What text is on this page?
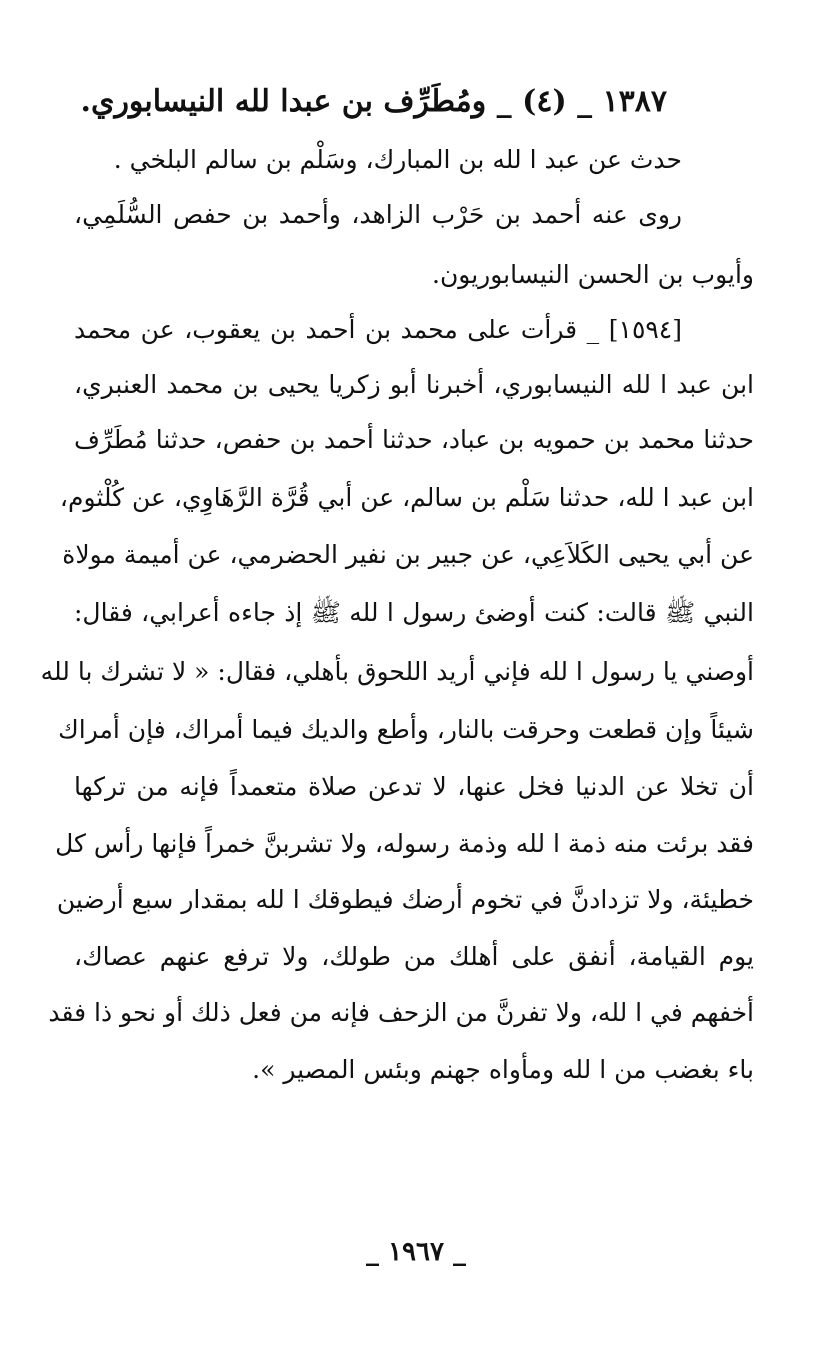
١٣٨٧ _ (٤) _ ومُطَرِّف بن عبدا لله النيسابوري.
حدث عن عبد ا لله بن المبارك، وسَلْم بن سالم البلخي .
روى عنه أحمد بن حَرْب الزاهد، وأحمد بن حفص السُّلَمِي،
وأيوب بن الحسن النيسابوريون.
[١٥٩٤] _ قرأت على محمد بن أحمد بن يعقوب، عن محمد
ابن عبد ا لله النيسابوري، أخبرنا أبو زكريا يحيى بن محمد العنبري،
حدثنا محمد بن حمويه بن عباد، حدثنا أحمد بن حفص، حدثنا مُطَرِّف
ابن عبد ا لله، حدثنا سَلْم بن سالم، عن أبي قُرَّة الرَّهَاوِي، عن كُلْثوم،
عن أبي يحيى الكَلاَعِي، عن جبير بن نفير الحضرمي، عن أميمة مولاة
النبي ﷺ قالت: كنت أوضئ رسول ا لله ﷺ إذ جاءه أعرابي، فقال:
أوصني يا رسول ا لله فإني أريد اللحوق بأهلي، فقال: « لا تشرك با لله
شيئاً وإن قطعت وحرقت بالنار، وأطع والديك فيما أمراك، فإن أمراك
أن تخلا عن الدنيا فخل عنها، لا تدعن صلاة متعمداً فإنه من تركها
فقد برئت منه ذمة ا لله وذمة رسوله، ولا تشربنَّ خمراً فإنها رأس كل
خطيئة، ولا تزدادنَّ في تخوم أرضك فيطوقك ا لله بمقدار سبع أرضين
يوم القيامة، أنفق على أهلك من طولك، ولا ترفع عنهم عصاك،
أخفهم في ا لله، ولا تفرنَّ من الزحف فإنه من فعل ذلك أو نحو ذا فقد
باء بغضب من ا لله ومأواه جهنم وبئس المصير ».
_ ١٩٦٧ _
